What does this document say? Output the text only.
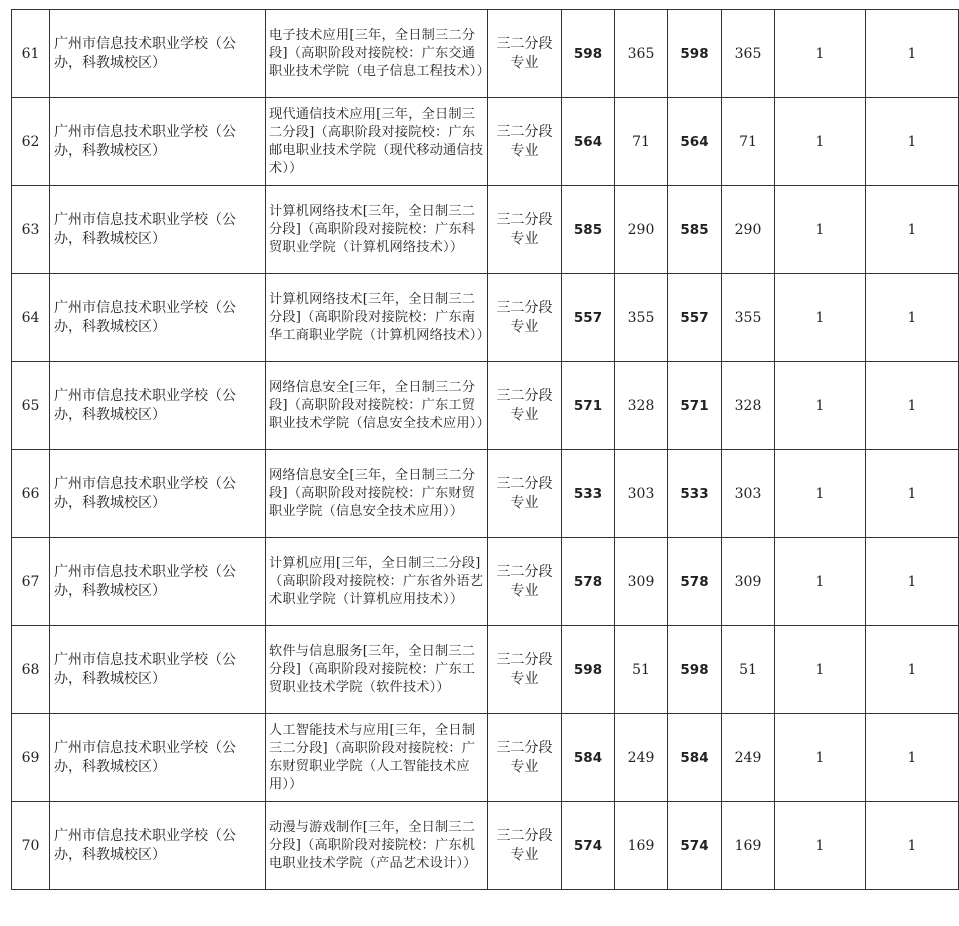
61	广州市信息技术职业学校（公办，科教城校区）	电子技术应用[三年，全日制三二分段]（高职阶段对接院校：广东交通职业技术学院（电子信息工程技术））	三二分段
专业	598	365	598	365	1	1
62	广州市信息技术职业学校（公办，科教城校区）	现代通信技术应用[三年，全日制三二分段]（高职阶段对接院校：广东邮电职业技术学院（现代移动通信技术））	三二分段
专业	564	71	564	71	1	1
63	广州市信息技术职业学校（公办，科教城校区）	计算机网络技术[三年，全日制三二分段]（高职阶段对接院校：广东科贸职业学院（计算机网络技术））	三二分段
专业	585	290	585	290	1	1
64	广州市信息技术职业学校（公办，科教城校区）	计算机网络技术[三年，全日制三二分段]（高职阶段对接院校：广东南华工商职业学院（计算机网络技术））	三二分段
专业	557	355	557	355	1	1
65	广州市信息技术职业学校（公办，科教城校区）	网络信息安全[三年，全日制三二分段]（高职阶段对接院校：广东工贸职业技术学院（信息安全技术应用））	三二分段
专业	571	328	571	328	1	1
66	广州市信息技术职业学校（公办，科教城校区）	网络信息安全[三年，全日制三二分段]（高职阶段对接院校：广东财贸职业学院（信息安全技术应用））	三二分段
专业	533	303	533	303	1	1
67	广州市信息技术职业学校（公办，科教城校区）	计算机应用[三年，全日制三二分段]（高职阶段对接院校：广东省外语艺术职业学院（计算机应用技术））	三二分段
专业	578	309	578	309	1	1
68	广州市信息技术职业学校（公办，科教城校区）	软件与信息服务[三年，全日制三二分段]（高职阶段对接院校：广东工贸职业技术学院（软件技术））	三二分段
专业	598	51	598	51	1	1
69	广州市信息技术职业学校（公办，科教城校区）	人工智能技术与应用[三年，全日制三二分段]（高职阶段对接院校：广东财贸职业学院（人工智能技术应用））	三二分段
专业	584	249	584	249	1	1
70	广州市信息技术职业学校（公办，科教城校区）	动漫与游戏制作[三年，全日制三二分段]（高职阶段对接院校：广东机电职业技术学院（产品艺术设计））	三二分段
专业	574	169	574	169	1	1
